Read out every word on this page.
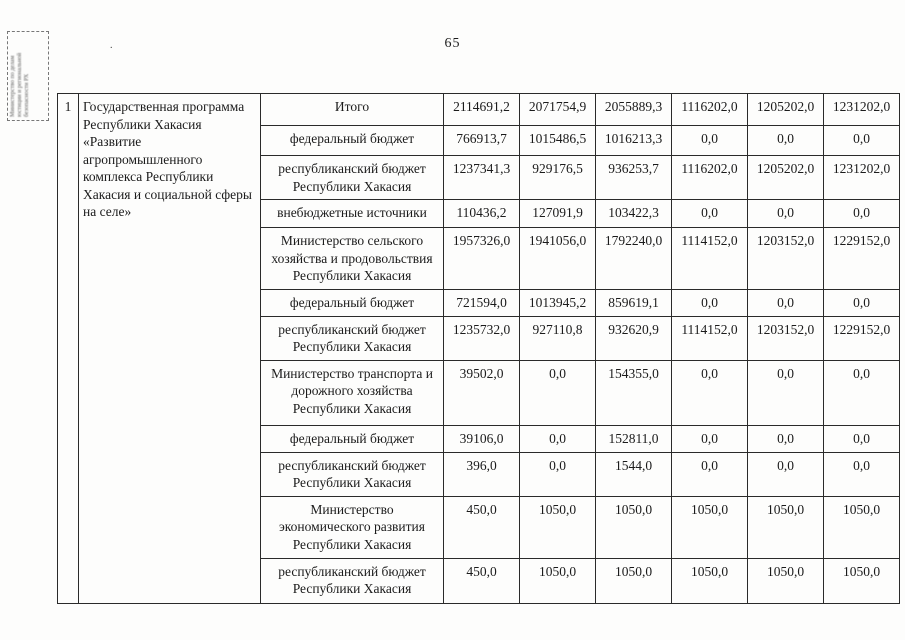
65
.
Министерство по делам юстиции и региональной безопасности РХ	1	Государственная программа Республики Хакасия «Развитие агропромышленного комплекса Республики Хакасия и социальной сферы на селе»	Итого	2114691,2	2071754,9	2055889,3	1116202,0	1205202,0	1231202,0
		федеральный бюджет	766913,7	1015486,5	1016213,3	0,0	0,0	0,0
		республиканский бюджет Республики Хакасия	1237341,3	929176,5	936253,7	1116202,0	1205202,0	1231202,0
		внебюджетные источники	110436,2	127091,9	103422,3	0,0	0,0	0,0
		Министерство сельского хозяйства и продовольствия Республики Хакасия	1957326,0	1941056,0	1792240,0	1114152,0	1203152,0	1229152,0
		федеральный бюджет	721594,0	1013945,2	859619,1	0,0	0,0	0,0
		республиканский бюджет Республики Хакасия	1235732,0	927110,8	932620,9	1114152,0	1203152,0	1229152,0
		Министерство транспорта и дорожного хозяйства Республики Хакасия	39502,0	0,0	154355,0	0,0	0,0	0,0
		федеральный бюджет	39106,0	0,0	152811,0	0,0	0,0	0,0
		республиканский бюджет Республики Хакасия	396,0	0,0	1544,0	0,0	0,0	0,0
		Министерство экономического развития Республики Хакасия	450,0	1050,0	1050,0	1050,0	1050,0	1050,0
		республиканский бюджет Республики Хакасия	450,0	1050,0	1050,0	1050,0	1050,0	1050,0
